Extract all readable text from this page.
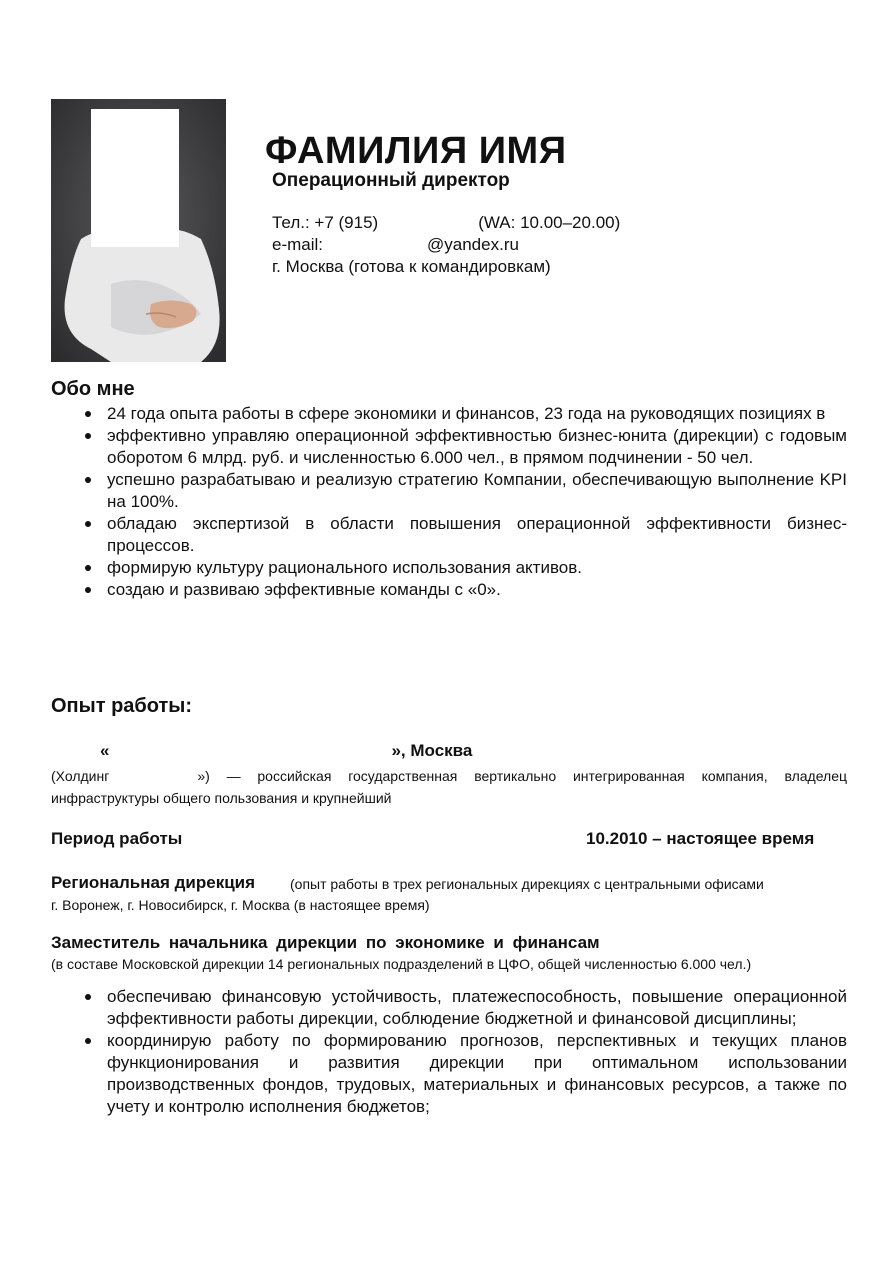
ФАМИЛИЯ ИМЯ
Операционный директор
Тел.: +7 (915)	(WA: 10.00–20.00)
e-mail:	@yandex.ru
г. Москва (готова к командировкам)
Обо мне
24 года опыта работы в сфере экономики и финансов, 23 года на руководящих позициях в
эффективно управляю операционной эффективностью бизнес-юнита (дирекции) с годовым оборотом 6 млрд. руб. и численностью 6.000 чел., в прямом подчинении - 50 чел.
успешно разрабатываю и реализую стратегию Компании, обеспечивающую выполнение KPI на 100%.
обладаю экспертизой в области повышения операционной эффективности бизнес-процессов.
формирую культуру рационального использования активов.
создаю и развиваю эффективные команды с «0».
Опыт работы:
«	», Москва
(Холдинг	») — российская государственная вертикально интегрированная компания, владелец инфраструктуры общего пользования и крупнейший
Период работы	10.2010 – настоящее время
Региональная дирекция (опыт работы в трех региональных дирекциях с центральными офисами
г. Воронеж, г. Новосибирск, г. Москва (в настоящее время)
Заместитель начальника дирекции по экономике и финансам
(в составе Московской дирекции 14 региональных подразделений в ЦФО, общей численностью 6.000 чел.)
обеспечиваю финансовую устойчивость, платежеспособность, повышение операционной эффективности работы дирекции, соблюдение бюджетной и финансовой дисциплины;
координирую работу по формированию прогнозов, перспективных и текущих планов функционирования и развития дирекции при оптимальном использовании производственных фондов, трудовых, материальных и финансовых ресурсов, а также по учету и контролю исполнения бюджетов;
